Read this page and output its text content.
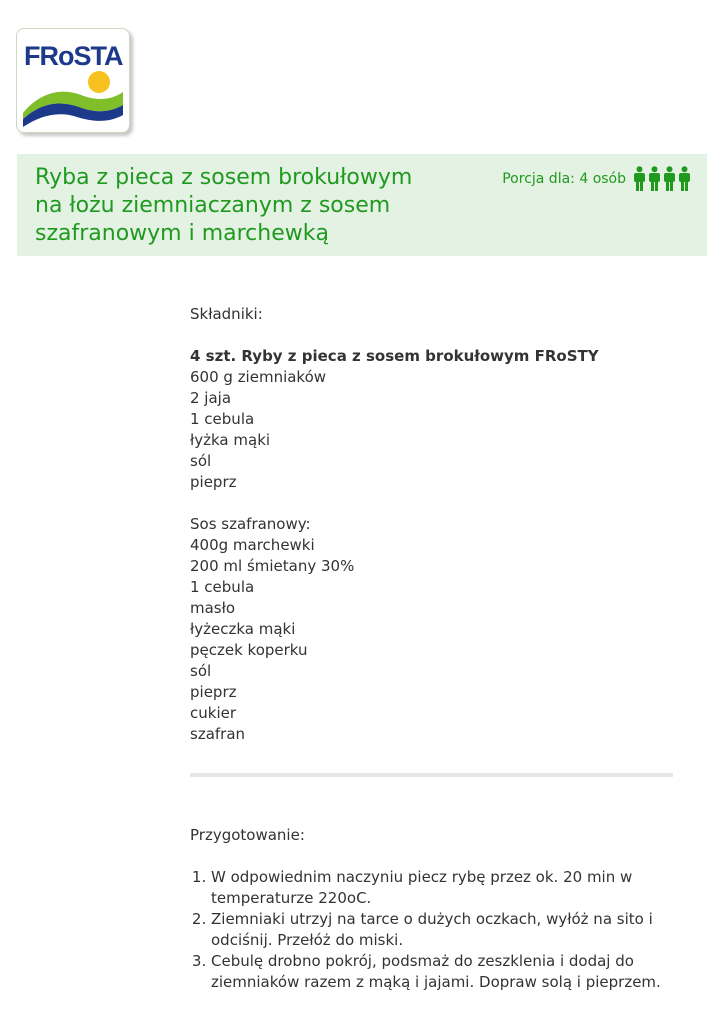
FRoSTA
Ryba z pieca z sosem brokułowym na łożu ziemniaczanym z sosem szafranowym i marchewką
Porcja dla: 4 osób

Składniki:

4 szt. Ryby z pieca z sosem brokułowym FRoSTY
600 g ziemniaków
2 jaja
1 cebula
łyżka mąki
sól
pieprz

Sos szafranowy:

400g marchewki
200 ml śmietany 30%
1 cebula
masło
łyżeczka mąki
pęczek koperku
sól
pieprz
cukier
szafran

Przygotowanie:

1. W odpowiednim naczyniu piecz rybę przez ok. 20 min w temperaturze 220oC.
2. Ziemniaki utrzyj na tarce o dużych oczkach, wyłóż na sito i odciśnij. Przełóż do miski.
3. Cebulę drobno pokrój, podsmaż do zeszklenia i dodaj do ziemniaków razem z mąką i jajami. Dopraw solą i pieprzem.
